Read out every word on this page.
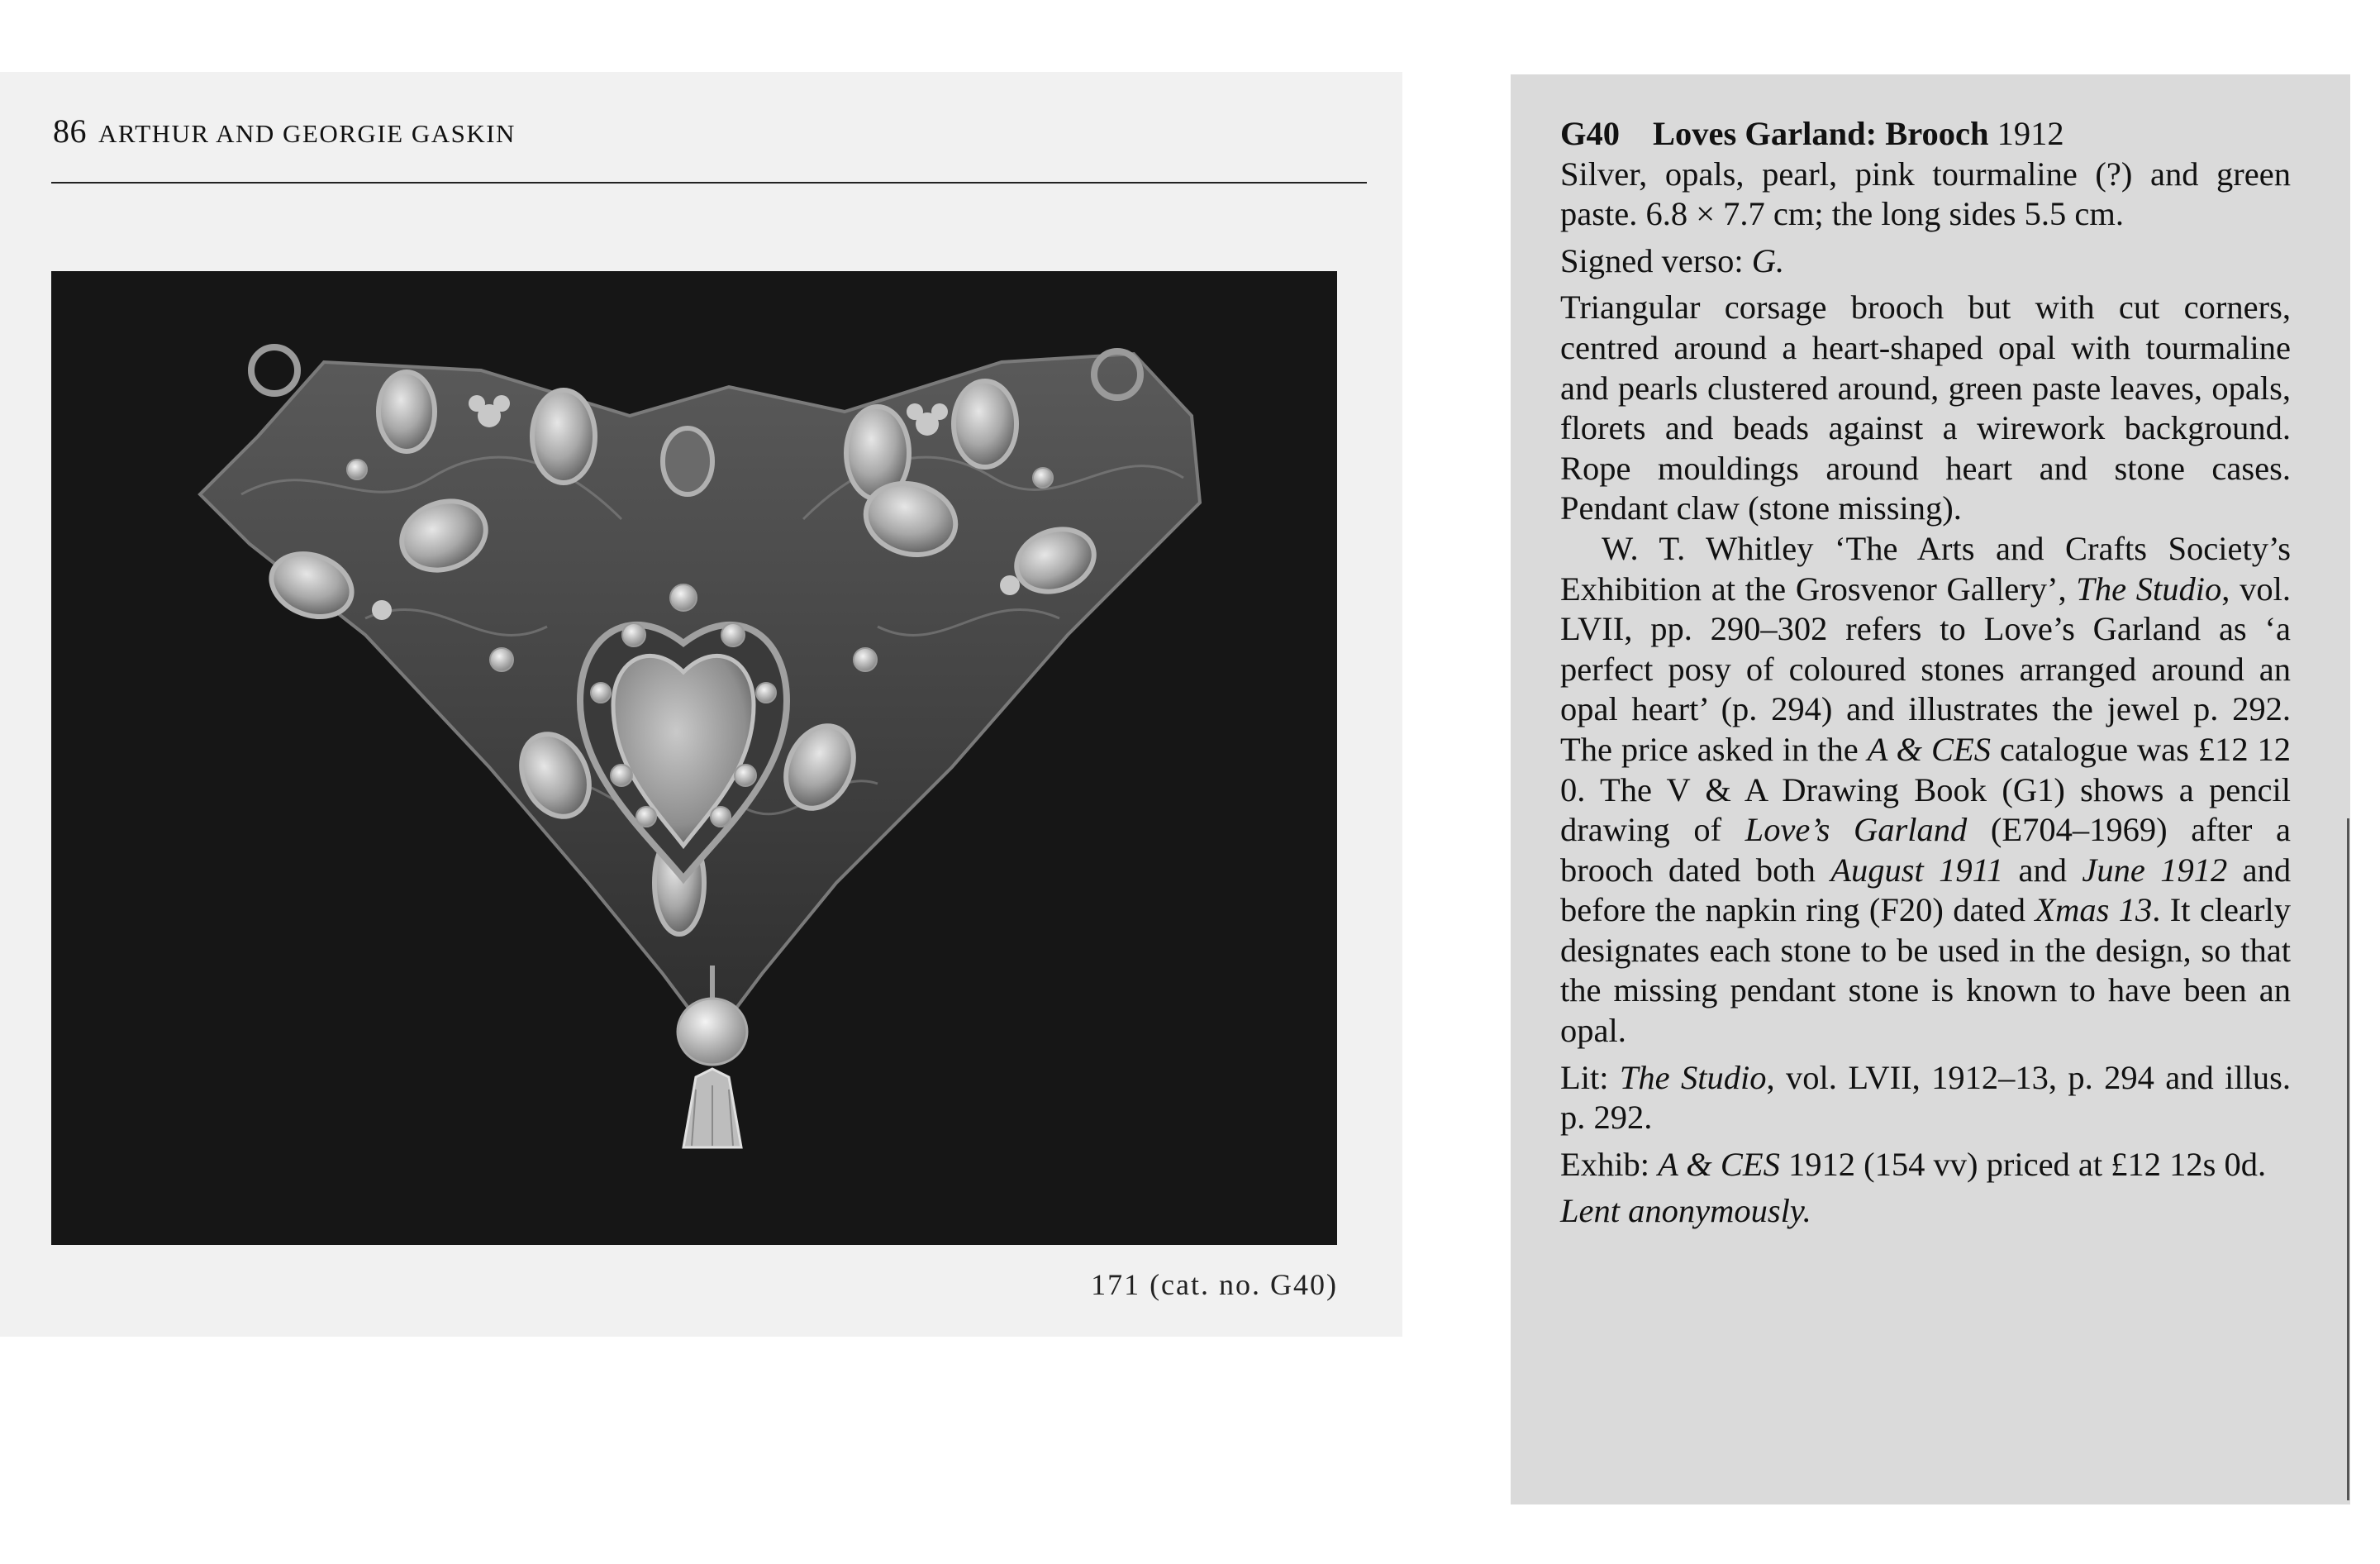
86 ARTHUR AND GEORGIE GASKIN
171 (cat. no. G40)

G40 Loves Garland: Brooch 1912

Silver, opals, pearl, pink tourmaline (?) and green paste. 6.8 × 7.7 cm; the long sides 5.5 cm.

Signed verso: G.

Triangular corsage brooch but with cut corners, centred around a heart-shaped opal with tourmaline and pearls clustered around, green paste leaves, opals, florets and beads against a wirework background. Rope mouldings around heart and stone cases. Pendant claw (stone missing).

W. T. Whitley ‘The Arts and Crafts Society’s Exhibition at the Grosvenor Gallery’, The Studio, vol. LVII, pp. 290–302 refers to Love’s Garland as ‘a perfect posy of coloured stones arranged around an opal heart’ (p. 294) and illustrates the jewel p. 292. The price asked in the A & CES catalogue was £12 12 0. The V & A Drawing Book (G1) shows a pencil drawing of Love’s Garland (E704–1969) after a brooch dated both August 1911 and June 1912 and before the napkin ring (F20) dated Xmas 13. It clearly designates each stone to be used in the design, so that the missing pendant stone is known to have been an opal.

Lit: The Studio, vol. LVII, 1912–13, p. 294 and illus. p. 292.

Exhib: A & CES 1912 (154 vv) priced at £12 12s 0d.

Lent anonymously.
